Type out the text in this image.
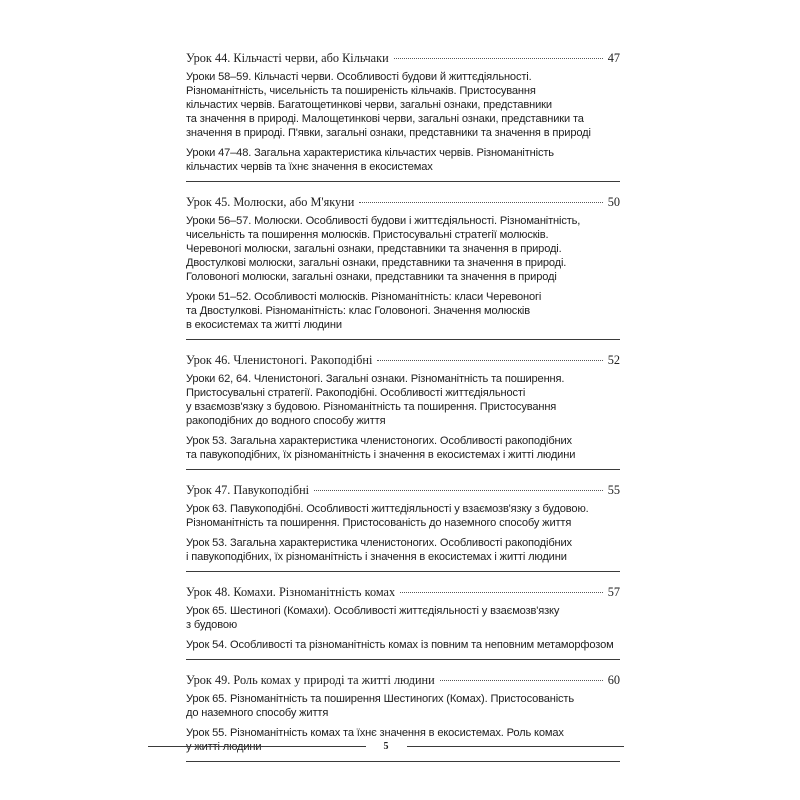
Урок 44. Кільчасті черви, або Кільчаки	47
Уроки 58–59. Кільчасті черви. Особливості будови й життєдіяльності.
Різноманітність, чисельність та поширеність кільчаків. Пристосування
кільчастих червів. Багатощетинкові черви, загальні ознаки, представники
та значення в природі. Малощетинкові черви, загальні ознаки, представники та
значення в природі. П'явки, загальні ознаки, представники та значення в природі
Уроки 47–48. Загальна характеристика кільчастих червів. Різноманітність
кільчастих червів та їхнє значення в екосистемах
Урок 45. Молюски, або М'якуни	50
Уроки 56–57. Молюски. Особливості будови і життєдіяльності. Різноманітність,
чисельність та поширення молюсків. Пристосувальні стратегії молюсків.
Черевоногі молюски, загальні ознаки, представники та значення в природі.
Двостулкові молюски, загальні ознаки, представники та значення в природі.
Головоногі молюски, загальні ознаки, представники та значення в природі
Уроки 51–52. Особливості молюсків. Різноманітність: класи Черевоногі
та Двостулкові. Різноманітність: клас Головоногі. Значення молюсків
в екосистемах та житті людини
Урок 46. Членистоногі. Ракоподібні	52
Уроки 62, 64. Членистоногі. Загальні ознаки. Різноманітність та поширення.
Пристосувальні стратегії. Ракоподібні. Особливості життєдіяльності
у взаємозв'язку з будовою. Різноманітність та поширення. Пристосування
ракоподібних до водного способу життя
Урок 53. Загальна характеристика членистоногих. Особливості ракоподібних
та павукоподібних, їх різноманітність і значення в екосистемах і житті людини
Урок 47. Павукоподібні	55
Урок 63. Павукоподібні. Особливості життєдіяльності у взаємозв'язку з будовою.
Різноманітність та поширення. Пристосованість до наземного способу життя
Урок 53. Загальна характеристика членистоногих. Особливості ракоподібних
і павукоподібних, їх різноманітність і значення в екосистемах і житті людини
Урок 48. Комахи. Різноманітність комах	57
Урок 65. Шестиногі (Комахи). Особливості життєдіяльності у взаємозв'язку
з будовою
Урок 54. Особливості та різноманітність комах із повним та неповним метаморфозом
Урок 49. Роль комах у природі та житті людини	60
Урок 65. Різноманітність та поширення Шестиногих (Комах). Пристосованість
до наземного способу життя
Урок 55. Різноманітність комах та їхнє значення в екосистемах. Роль комах
у житті людини	5
